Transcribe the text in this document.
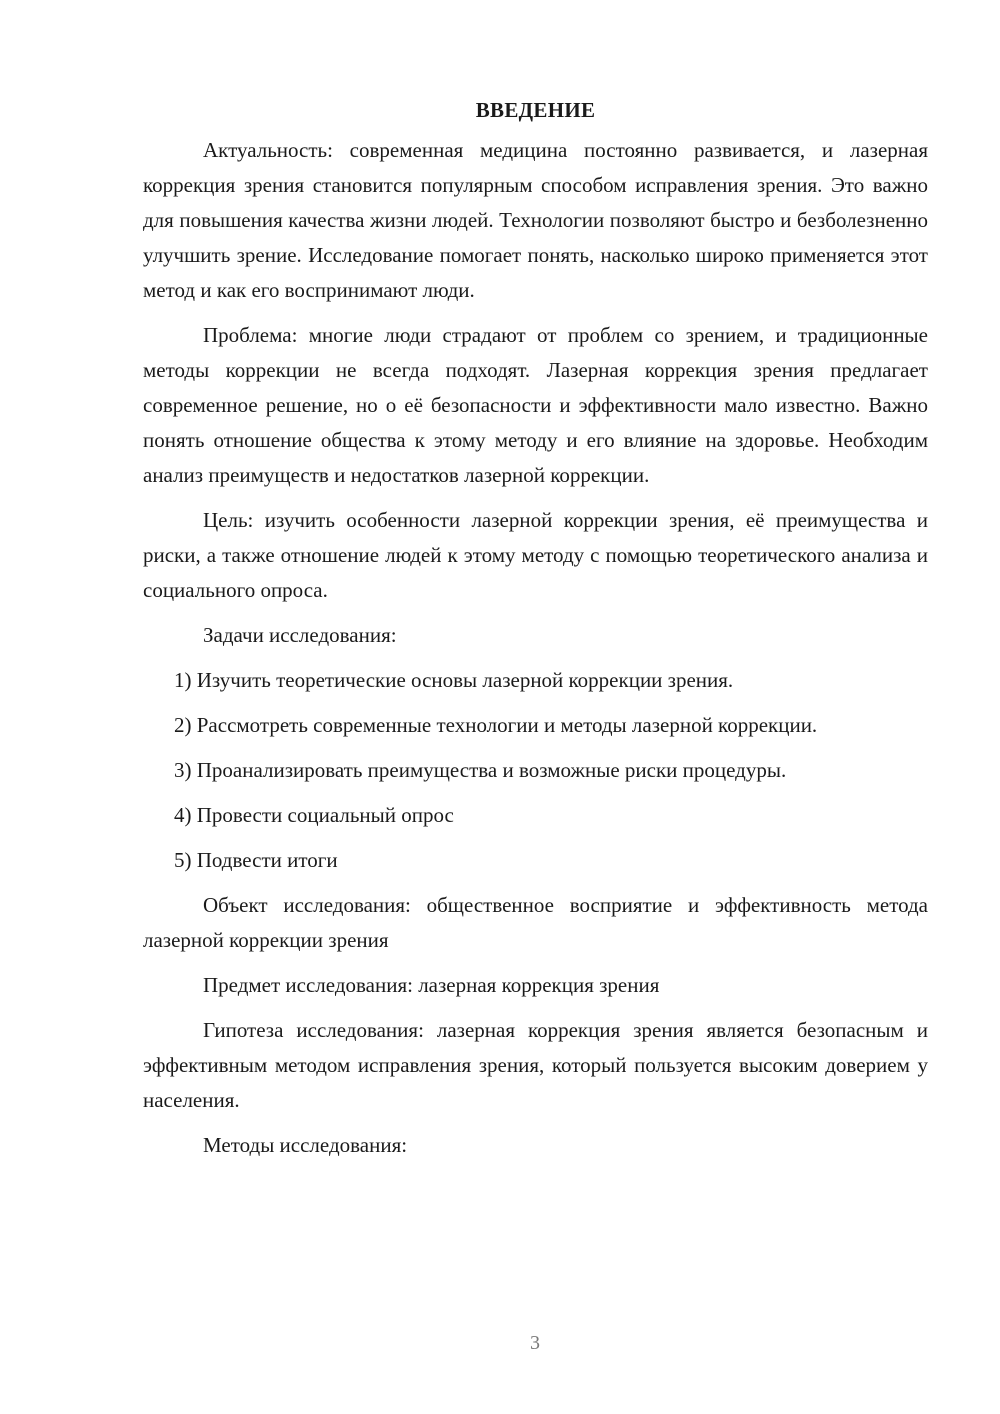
ВВЕДЕНИЕ

Актуальность: современная медицина постоянно развивается, и лазерная коррекция зрения становится популярным способом исправления зрения. Это важно для повышения качества жизни людей. Технологии позволяют быстро и безболезненно улучшить зрение. Исследование помогает понять, насколько широко применяется этот метод и как его воспринимают люди.

Проблема: многие люди страдают от проблем со зрением, и традиционные методы коррекции не всегда подходят. Лазерная коррекция зрения предлагает современное решение, но о её безопасности и эффективности мало известно. Важно понять отношение общества к этому методу и его влияние на здоровье. Необходим анализ преимуществ и недостатков лазерной коррекции.

Цель: изучить особенности лазерной коррекции зрения, её преимущества и риски, а также отношение людей к этому методу с помощью теоретического анализа и социального опроса.

Задачи исследования:

1) Изучить теоретические основы лазерной коррекции зрения.

2) Рассмотреть современные технологии и методы лазерной коррекции.

3) Проанализировать преимущества и возможные риски процедуры.

4) Провести социальный опрос

5) Подвести итоги

Объект исследования: общественное восприятие и эффективность метода лазерной коррекции зрения

Предмет исследования: лазерная коррекция зрения

Гипотеза исследования: лазерная коррекция зрения является безопасным и эффективным методом исправления зрения, который пользуется высоким доверием у населения.

Методы исследования:

3
